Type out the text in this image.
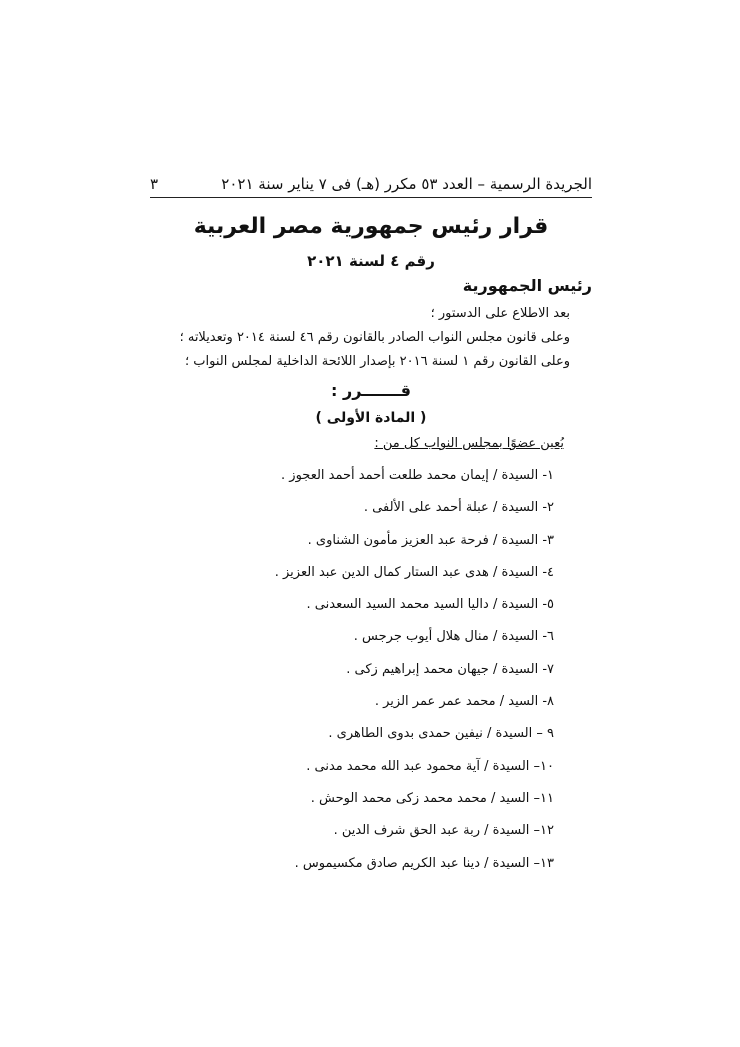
الجريدة الرسمية – العدد ٥٣ مكرر (هـ) فى ٧ يناير سنة ٢٠٢١
٣
قرار رئيس جمهورية مصر العربية
رقم ٤ لسنة ٢٠٢١
رئيس الجمهورية
بعد الاطلاع على الدستور ؛
وعلى قانون مجلس النواب الصادر بالقانون رقم ٤٦ لسنة ٢٠١٤ وتعديلاته ؛
وعلى القانون رقم ١ لسنة ٢٠١٦ بإصدار اللائحة الداخلية لمجلس النواب ؛
قـــــــرر :
( المادة الأولى )
يُعين عضوًا بمجلس النواب كل من :
١- السيدة / إيمان محمد طلعت أحمد أحمد العجوز .
٢- السيدة / عبلة أحمد على الألفى .
٣- السيدة / فرحة عبد العزيز مأمون الشناوى .
٤- السيدة / هدى عبد الستار كمال الدين عبد العزيز .
٥- السيدة / داليا السيد محمد السيد السعدنى .
٦- السيدة / منال هلال أيوب جرجس .
٧- السيدة / جيهان محمد إبراهيم زكى .
٨- السيد / محمد عمر عمر الزير .
٩ – السيدة / نيفين حمدى بدوى الطاهرى .
١٠– السيدة / آية محمود عبد الله محمد مدنى .
١١– السيد / محمد محمد زكى محمد الوحش .
١٢– السيدة / ربة عبد الحق شرف الدين .
١٣– السيدة / دينا عبد الكريم صادق مكسيموس .
